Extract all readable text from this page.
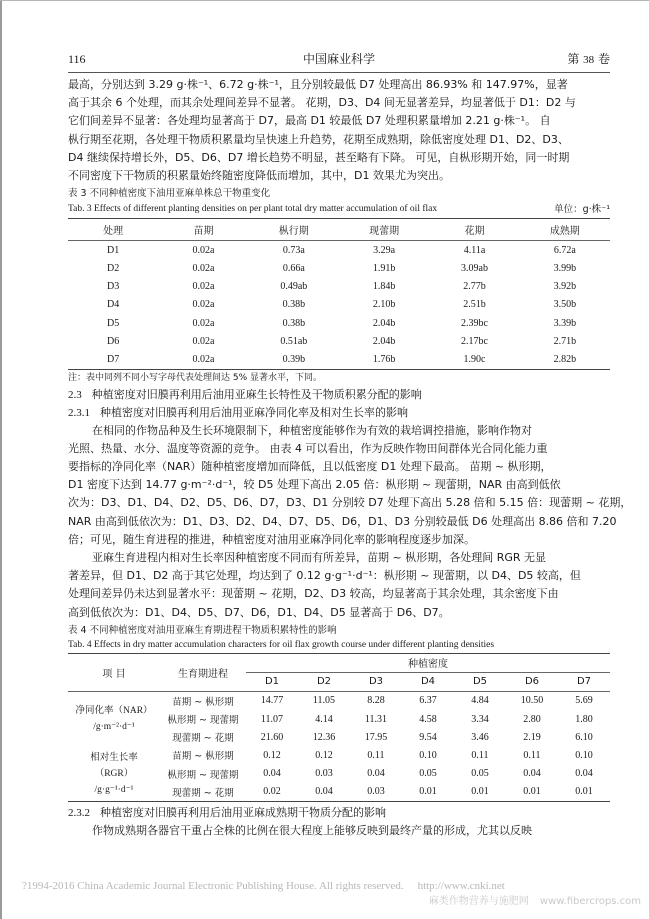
116	中国麻业科学	第 38 卷
最高，分别达到 3.29 g·株⁻¹、6.72 g·株⁻¹，且分别较最低 D7 处理高出 86.93% 和 147.97%，显著
高于其余 6 个处理，而其余处理间差异不显著。 花期，D3、D4 间无显著差异，均显著低于 D1：D2 与
它们间差异不显著：各处理均显著高于 D7，最高 D1 较最低 D7 处理积累量增加 2.21 g·株⁻¹。 自
枞行期至花期，各处理干物质积累量均呈快速上升趋势，花期至成熟期，除低密度处理 D1、D2、D3、
D4 继续保持增长外，D5、D6、D7 增长趋势不明显，甚至略有下降。 可见，自枞形期开始，同一时期
不同密度下干物质的积累量始终随密度降低而增加，其中，D1 效果尤为突出。
表 3 不同种植密度下油用亚麻单株总干物重变化
Tab. 3 Effects of different planting densities on per plant total dry matter accumulation of oil flax	单位：g·株⁻¹
处理	苗期	枞行期	现蕾期	花期	成熟期
D1	0.02a	0.73a	3.29a	4.11a	6.72a
D2	0.02a	0.66a	1.91b	3.09ab	3.99b
D3	0.02a	0.49ab	1.84b	2.77b	3.92b
D4	0.02a	0.38b	2.10b	2.51b	3.50b
D5	0.02a	0.38b	2.04b	2.39bc	3.39b
D6	0.02a	0.51ab	2.04b	2.17bc	2.71b
D7	0.02a	0.39b	1.76b	1.90c	2.82b
注：表中同列不同小写字母代表处理间达 5% 显著水平，下同。
2.3 种植密度对旧膜再利用后油用亚麻生长特性及干物质积累分配的影响
2.3.1 种植密度对旧膜再利用后油用亚麻净同化率及相对生长率的影响
在相同的作物品种及生长环境限制下，种植密度能够作为有效的栽培调控措施，影响作物对
光照、热量、水分、温度等资源的竞争。 由表 4 可以看出，作为反映作物田间群体光合同化能力重
要指标的净同化率（NAR）随种植密度增加而降低，且以低密度 D1 处理下最高。 苗期 ~ 枞形期，
D1 密度下达到 14.77 g·m⁻²·d⁻¹，较 D5 处理下高出 2.05 倍：枞形期 ~ 现蕾期，NAR 由高到低依
次为：D3、D1、D4、D2、D5、D6、D7，D3、D1 分别较 D7 处理下高出 5.28 倍和 5.15 倍：现蕾期 ~ 花期，
NAR 由高到低依次为：D1、D3、D2、D4、D7、D5、D6，D1、D3 分别较最低 D6 处理高出 8.86 倍和 7.20
倍；可见，随生育进程的推进，种植密度对油用亚麻净同化率的影响程度逐步加深。
亚麻生育进程内相对生长率因种植密度不同而有所差异，苗期 ~ 枞形期，各处理间 RGR 无显
著差异，但 D1、D2 高于其它处理，均达到了 0.12 g·g⁻¹·d⁻¹：枞形期 ~ 现蕾期，以 D4、D5 较高，但
处理间差异仍未达到显著水平：现蕾期 ~ 花期，D2、D3 较高，均显著高于其余处理，其余密度下由
高到低依次为：D1、D4、D5、D7、D6，D1、D4、D5 显著高于 D6、D7。
表 4 不同种植密度对油用亚麻生育期进程干物质积累特性的影响
Tab. 4 Effects in dry matter accumulation characters for oil flax growth course under different planting densities
项 目	生育期进程	种植密度						
		D1	D2	D3	D4	D5	D6	D7

净同化率（NAR）
/g·m⁻²·d⁻¹	苗期 ~ 枞形期	14.77	11.05	8.28	6.37	4.84	10.50	5.69
	枞形期 ~ 现蕾期	11.07	4.14	11.31	4.58	3.34	2.80	1.80
	现蕾期 ~ 花期	21.60	12.36	17.95	9.54	3.46	2.19	6.10

相对生长率
（RGR）
/g·g⁻¹·d⁻¹	苗期 ~ 枞形期	0.12	0.12	0.11	0.10	0.11	0.11	0.10
	枞形期 ~ 现蕾期	0.04	0.03	0.04	0.05	0.05	0.04	0.04
	现蕾期 ~ 花期	0.02	0.04	0.03	0.01	0.01	0.01	0.01
2.3.2 种植密度对旧膜再利用后油用亚麻成熟期干物质分配的影响
作物成熟期各器官干重占全株的比例在很大程度上能够反映到最终产量的形成，尤其以反映
?1994-2016 China Academic Journal Electronic Publishing House. All rights reserved. http://www.cnki.net
麻类作物营养与施肥网 www.fibercrops.com
